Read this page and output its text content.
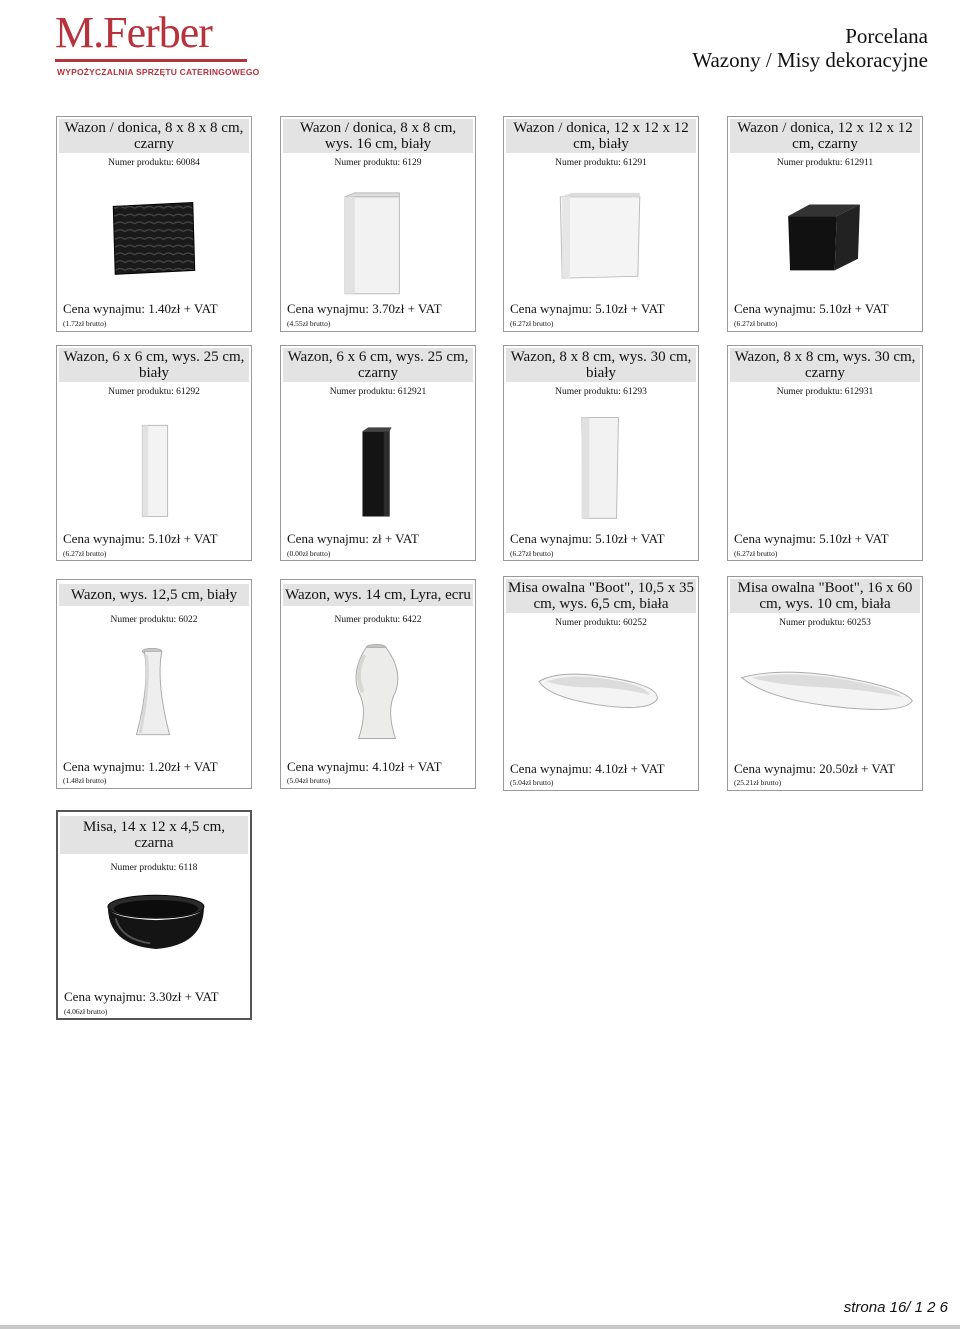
M.Ferber
WYPOŻYCZALNIA SPRZĘTU CATERINGOWEGO
Porcelana
Wazony / Misy dekoracyjne
Wazon / donica, 8 x 8 x 8 cm, czarny
Numer produktu: 60084
Cena wynajmu: 1.40zł + VAT
(1.72zł brutto)
Wazon / donica, 8 x 8 cm, wys. 16 cm, biały
Numer produktu: 6129
Cena wynajmu: 3.70zł + VAT
(4.55zł brutto)
Wazon / donica, 12 x 12 x 12 cm, biały
Numer produktu: 61291
Cena wynajmu: 5.10zł + VAT
(6.27zł brutto)
Wazon / donica, 12 x 12 x 12 cm, czarny
Numer produktu: 612911
Cena wynajmu: 5.10zł + VAT
(6.27zł brutto)
Wazon, 6 x 6 cm, wys. 25 cm, biały
Numer produktu: 61292
Cena wynajmu: 5.10zł + VAT
(6.27zł brutto)
Wazon, 6 x 6 cm, wys. 25 cm, czarny
Numer produktu: 612921
Cena wynajmu: zł + VAT
(0.00zł brutto)
Wazon, 8 x 8 cm, wys. 30 cm, biały
Numer produktu: 61293
Cena wynajmu: 5.10zł + VAT
(6.27zł brutto)
Wazon, 8 x 8 cm, wys. 30 cm, czarny
Numer produktu: 612931
Cena wynajmu: 5.10zł + VAT
(6.27zł brutto)
Wazon, wys. 12,5 cm, biały
Numer produktu: 6022
Cena wynajmu: 1.20zł + VAT
(1.48zł brutto)
Wazon, wys. 14 cm, Lyra, ecru
Numer produktu: 6422
Cena wynajmu: 4.10zł + VAT
(5.04zł brutto)
Misa owalna "Boot", 10,5 x 35 cm, wys. 6,5 cm, biała
Numer produktu: 60252
Cena wynajmu: 4.10zł + VAT
(5.04zł brutto)
Misa owalna "Boot", 16 x 60 cm, wys. 10 cm, biała
Numer produktu: 60253
Cena wynajmu: 20.50zł + VAT
(25.21zł brutto)
Misa, 14 x 12 x 4,5 cm, czarna
Numer produktu: 6118
Cena wynajmu: 3.30zł + VAT
(4.06zł brutto)
strona 16/ 1 2 6
